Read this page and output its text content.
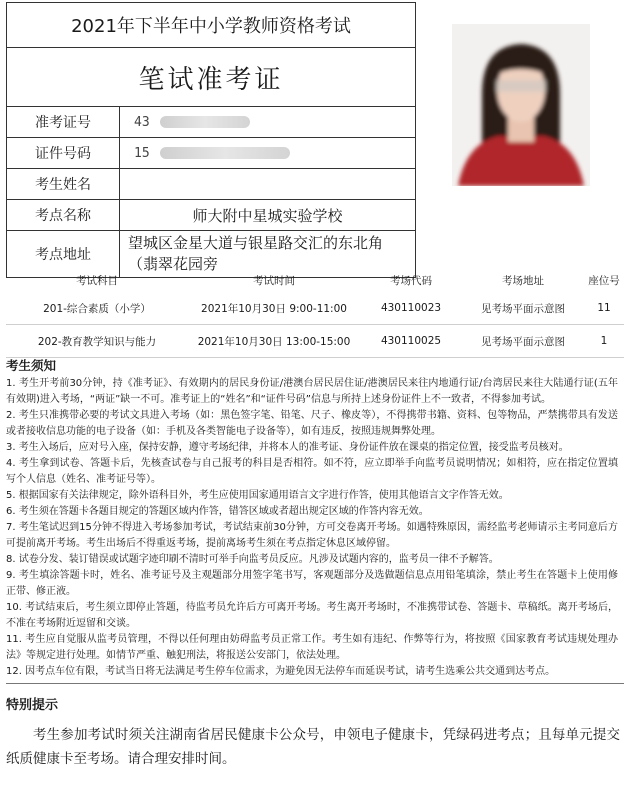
2021年下半年中小学教师资格考试	
笔试准考证	
准考证号	43
证件号码	15
考生姓名	
考点名称	师大附中星城实验学校
考点地址	望城区金星大道与银星路交汇的东北角（翡翠花园旁
考试科目	考试时间	考场代码	考场地址	座位号
201-综合素质（小学）	2021年10月30日 9:00-11:00	430110023	见考场平面示意图	11
202-教育教学知识与能力	2021年10月30日 13:00-15:00	430110025	见考场平面示意图	1
考生须知

1. 考生开考前30分钟，持《准考证》、有效期内的居民身份证/港澳台居民居住证/港澳居民来往内地通行证/台湾居民来往大陆通行证(五年有效期)进入考场，“两证”缺一不可。准考证上的“姓名”和“证件号码”信息与所持上述身份证件上不一致者，不得参加考试。

2. 考生只准携带必要的考试文具进入考场（如：黑色签字笔、铅笔、尺子、橡皮等），不得携带书籍、资料、包等物品，严禁携带具有发送或者接收信息功能的电子设备（如：手机及各类智能电子设备等），如有违反，按照违规舞弊处理。

3. 考生入场后，应对号入座，保持安静，遵守考场纪律，并将本人的准考证、身份证件放在课桌的指定位置，接受监考员核对。

4. 考生拿到试卷、答题卡后，先核查试卷与自己报考的科目是否相符。如不符，应立即举手向监考员说明情况；如相符，应在指定位置填写个人信息（姓名、准考证号等）。

5. 根据国家有关法律规定，除外语科目外，考生应使用国家通用语言文字进行作答，使用其他语言文字作答无效。

6. 考生须在答题卡各题目规定的答题区域内作答，错答区域或者超出规定区域的作答内容无效。

7. 考生笔试迟到15分钟不得进入考场参加考试，考试结束前30分钟，方可交卷离开考场。如遇特殊原因，需经监考老师请示主考同意后方可提前离开考场。考生出场后不得重返考场，提前离场考生须在考点指定休息区域停留。

8. 试卷分发、装订错误或试题字迹印刷不清时可举手向监考员反应。凡涉及试题内容的，监考员一律不予解答。

9. 考生填涂答题卡时，姓名、准考证号及主观题部分用签字笔书写，客观题部分及选做题信息点用铅笔填涂，禁止考生在答题卡上使用修正带、修正液。

10. 考试结束后，考生须立即停止答题，待监考员允许后方可离开考场。考生离开考场时，不准携带试卷、答题卡、草稿纸。离开考场后，不准在考场附近逗留和交谈。

11. 考生应自觉服从监考员管理，不得以任何理由妨碍监考员正常工作。考生如有违纪、作弊等行为，将按照《国家教育考试违规处理办法》等规定进行处理。如情节严重、触犯刑法，将报送公安部门，依法处理。

12. 因考点车位有限，考试当日将无法满足考生停车位需求，为避免因无法停车而延误考试，请考生选乘公共交通到达考点。

特别提示

考生参加考试时须关注湖南省居民健康卡公众号，申领电子健康卡，凭绿码进考点；且每单元提交纸质健康卡至考场。请合理安排时间。
